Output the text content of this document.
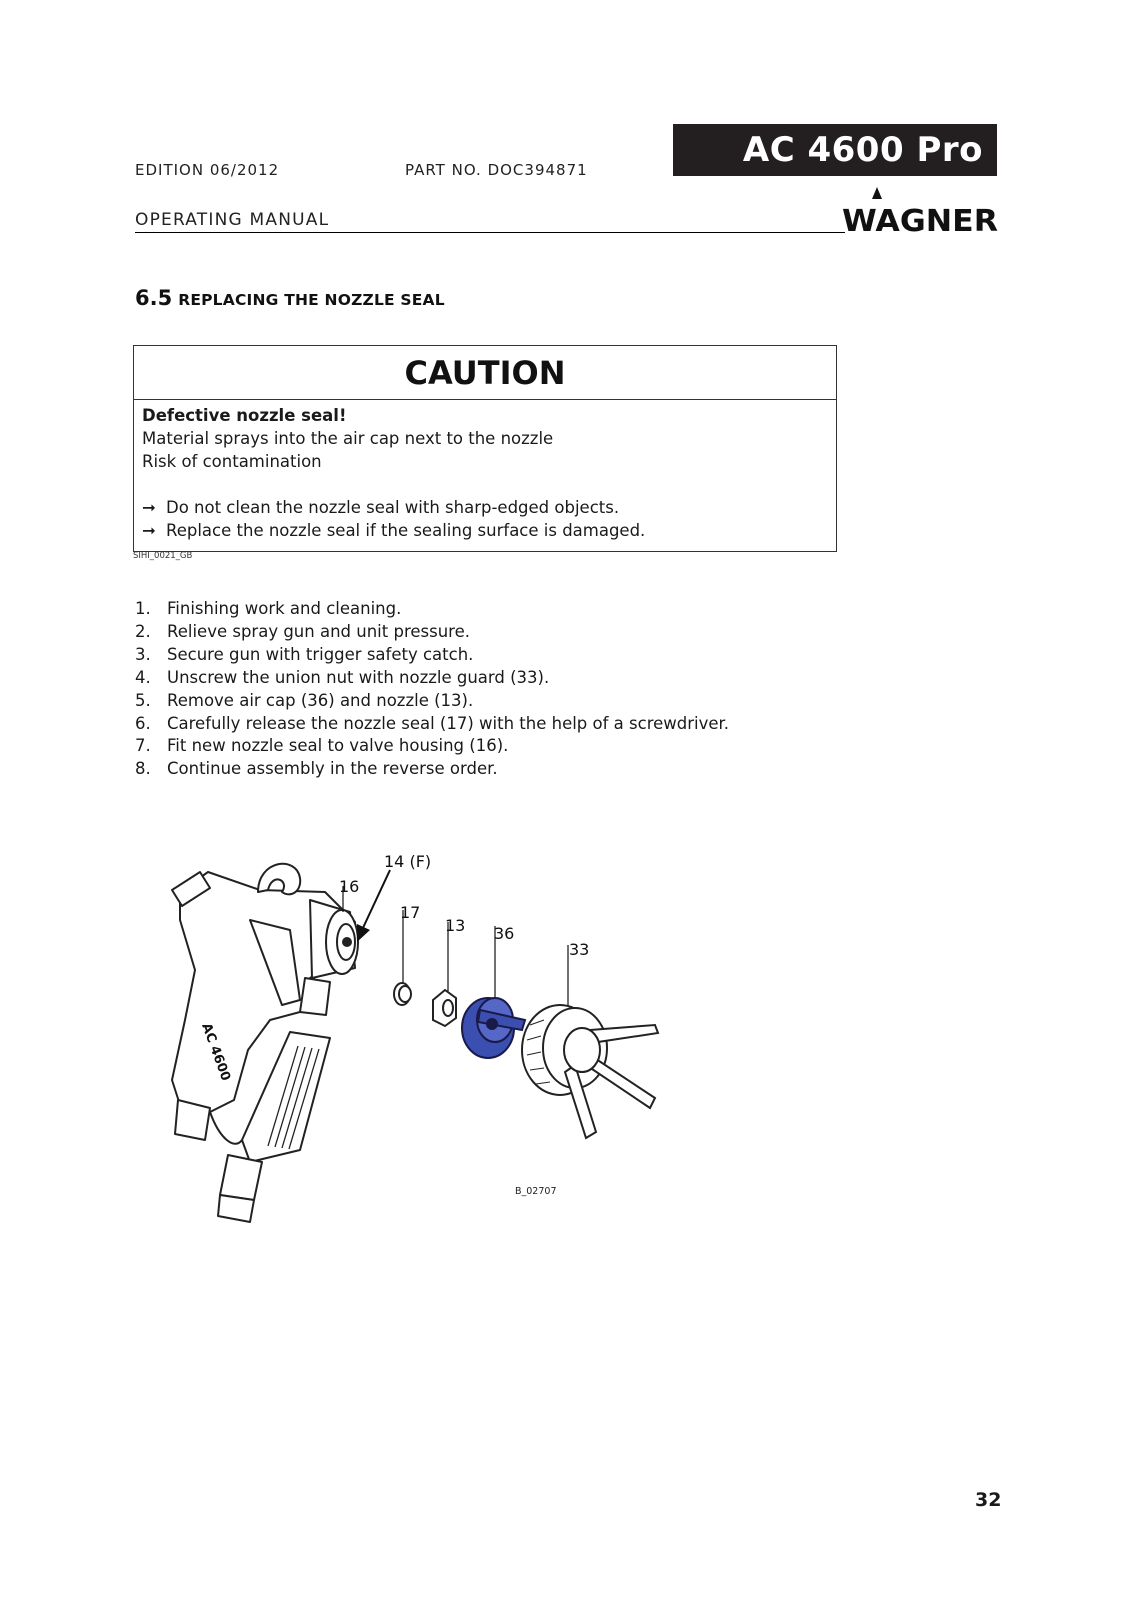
EDITION 06/2012	PART NO. DOC394871	AC 4600 Pro
OPERATING MANUAL	WAGNER
6.5 REPLACING THE NOZZLE SEAL
CAUTION
Defective nozzle seal!
Material sprays into the air cap next to the nozzle
Risk of contamination
➞ Do not clean the nozzle seal with sharp-edged objects.
➞ Replace the nozzle seal if the sealing surface is damaged.
SIHI_0021_GB
1. Finishing work and cleaning.
2. Relieve spray gun and unit pressure.
3. Secure gun with trigger safety catch.
4. Unscrew the union nut with nozzle guard (33).
5. Remove air cap (36) and nozzle (13).
6. Carefully release the nozzle seal (17) with the help of a screwdriver.
7. Fit new nozzle seal to valve housing (16).
8. Continue assembly in the reverse order.
AC 4600
14 (F)
16
17
13 36
33
B_02707
32
